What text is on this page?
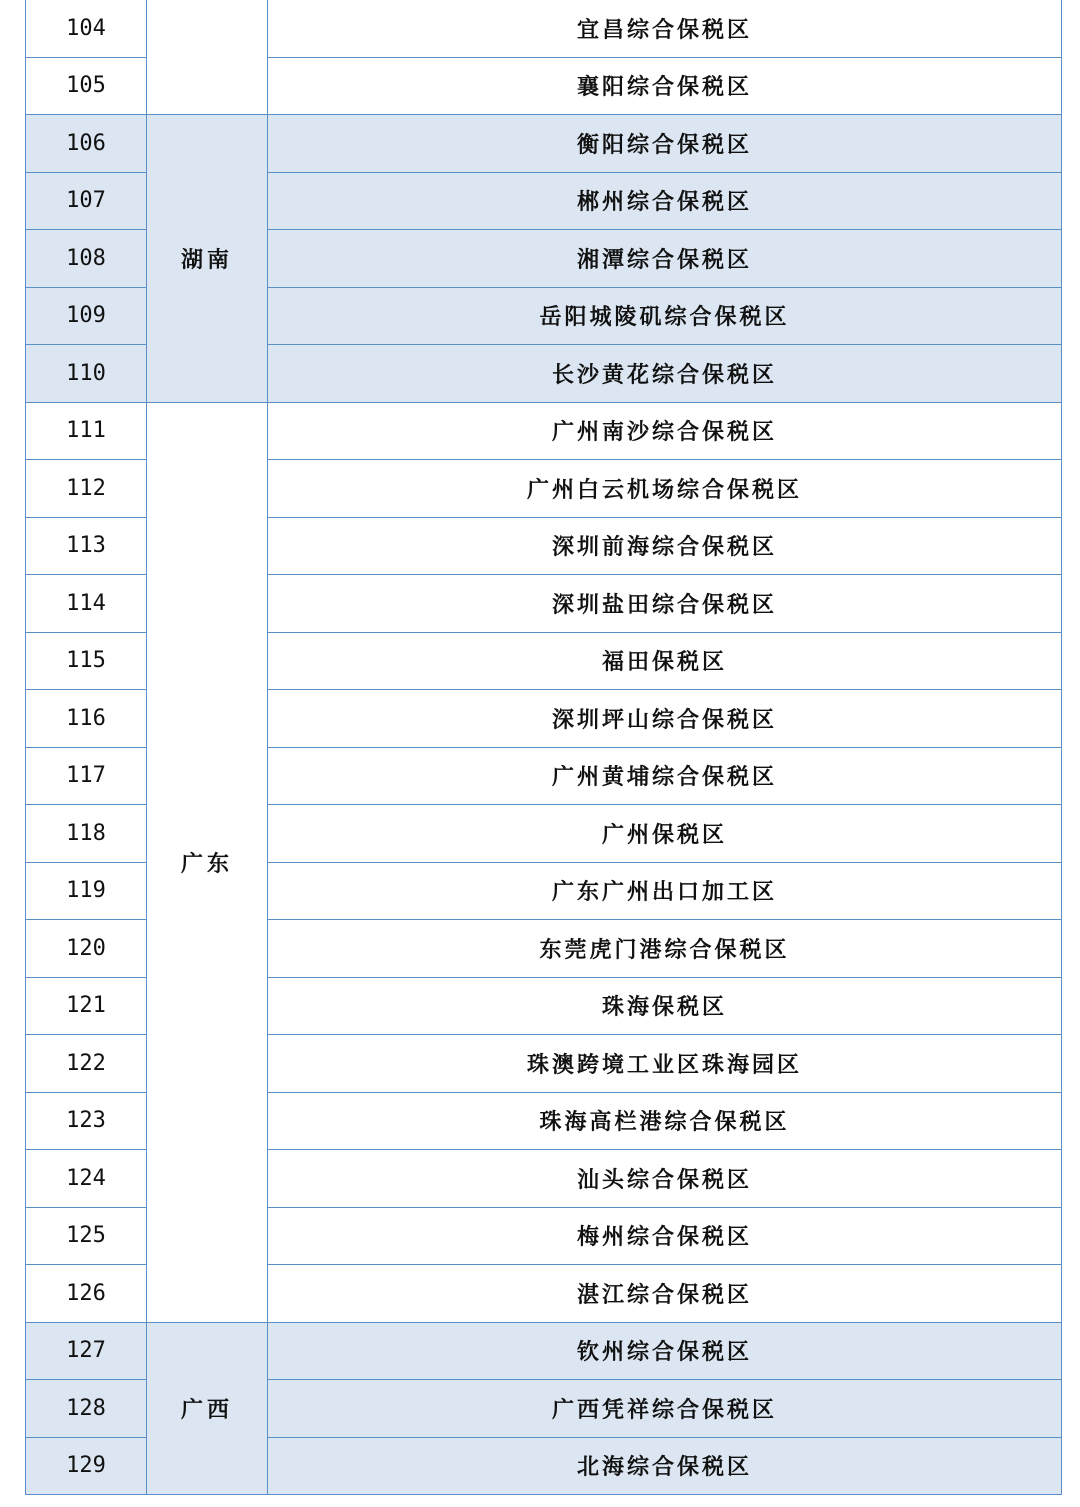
104		宜昌综合保税区
105		襄阳综合保税区
106	湖南	衡阳综合保税区
107		郴州综合保税区
108		湘潭综合保税区
109		岳阳城陵矶综合保税区
110		长沙黄花综合保税区
111	广东	广州南沙综合保税区
112		广州白云机场综合保税区
113		深圳前海综合保税区
114		深圳盐田综合保税区
115		福田保税区
116		深圳坪山综合保税区
117		广州黄埔综合保税区
118		广州保税区
119		广东广州出口加工区
120		东莞虎门港综合保税区
121		珠海保税区
122		珠澳跨境工业区珠海园区
123		珠海高栏港综合保税区
124		汕头综合保税区
125		梅州综合保税区
126		湛江综合保税区
127	广西	钦州综合保税区
128		广西凭祥综合保税区
129		北海综合保税区
